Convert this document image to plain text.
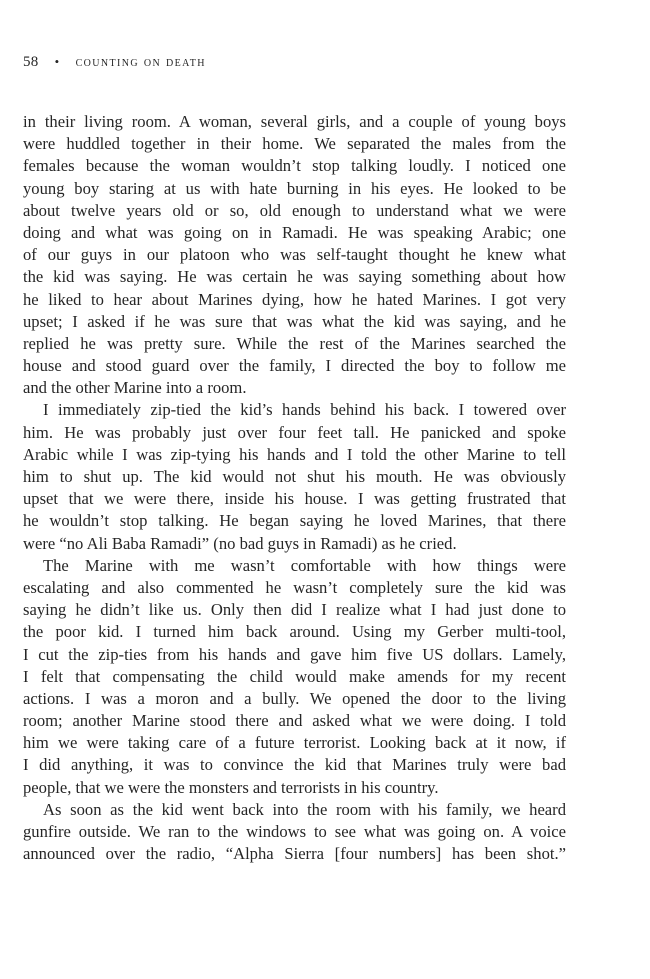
58 • counting on death
in their living room. A woman, several girls, and a couple of young boys
were huddled together in their home. We separated the males from the
females because the woman wouldn’t stop talking loudly. I noticed one
young boy staring at us with hate burning in his eyes. He looked to be
about twelve years old or so, old enough to understand what we were
doing and what was going on in Ramadi. He was speaking Arabic; one
of our guys in our platoon who was self-taught thought he knew what
the kid was saying. He was certain he was saying something about how
he liked to hear about Marines dying, how he hated Marines. I got very
upset; I asked if he was sure that was what the kid was saying, and he
replied he was pretty sure. While the rest of the Marines searched the
house and stood guard over the family, I directed the boy to follow me
and the other Marine into a room.
I immediately zip-tied the kid’s hands behind his back. I towered over
him. He was probably just over four feet tall. He panicked and spoke
Arabic while I was zip-tying his hands and I told the other Marine to tell
him to shut up. The kid would not shut his mouth. He was obviously
upset that we were there, inside his house. I was getting frustrated that
he wouldn’t stop talking. He began saying he loved Marines, that there
were “no Ali Baba Ramadi” (no bad guys in Ramadi) as he cried.
The Marine with me wasn’t comfortable with how things were
escalating and also commented he wasn’t completely sure the kid was
saying he didn’t like us. Only then did I realize what I had just done to
the poor kid. I turned him back around. Using my Gerber multi-tool,
I cut the zip-ties from his hands and gave him five US dollars. Lamely,
I felt that compensating the child would make amends for my recent
actions. I was a moron and a bully. We opened the door to the living
room; another Marine stood there and asked what we were doing. I told
him we were taking care of a future terrorist. Looking back at it now, if
I did anything, it was to convince the kid that Marines truly were bad
people, that we were the monsters and terrorists in his country.
As soon as the kid went back into the room with his family, we heard
gunfire outside. We ran to the windows to see what was going on. A voice
announced over the radio, “Alpha Sierra [four numbers] has been shot.”
